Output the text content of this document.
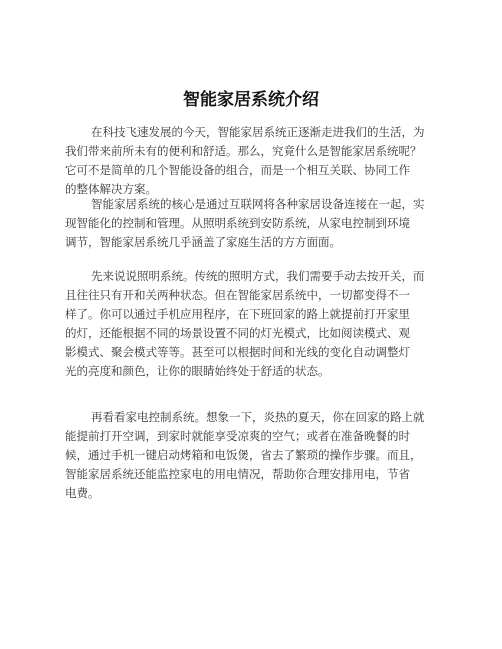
智能家居系统介绍

在科技飞速发展的今天，智能家居系统正逐渐走进我们的生活，为
我们带来前所未有的便利和舒适。那么，究竟什么是智能家居系统呢？
它可不是简单的几个智能设备的组合，而是一个相互关联、协同工作
的整体解决方案。

智能家居系统的核心是通过互联网将各种家居设备连接在一起，实
现智能化的控制和管理。从照明系统到安防系统，从家电控制到环境
调节，智能家居系统几乎涵盖了家庭生活的方方面面。

先来说说照明系统。传统的照明方式，我们需要手动去按开关，而
且往往只有开和关两种状态。但在智能家居系统中，一切都变得不一
样了。你可以通过手机应用程序，在下班回家的路上就提前打开家里
的灯，还能根据不同的场景设置不同的灯光模式，比如阅读模式、观
影模式、聚会模式等等。甚至可以根据时间和光线的变化自动调整灯
光的亮度和颜色，让你的眼睛始终处于舒适的状态。

再看看家电控制系统。想象一下，炎热的夏天，你在回家的路上就
能提前打开空调，到家时就能享受凉爽的空气；或者在准备晚餐的时
候，通过手机一键启动烤箱和电饭煲，省去了繁琐的操作步骤。而且，
智能家居系统还能监控家电的用电情况，帮助你合理安排用电，节省
电费。
